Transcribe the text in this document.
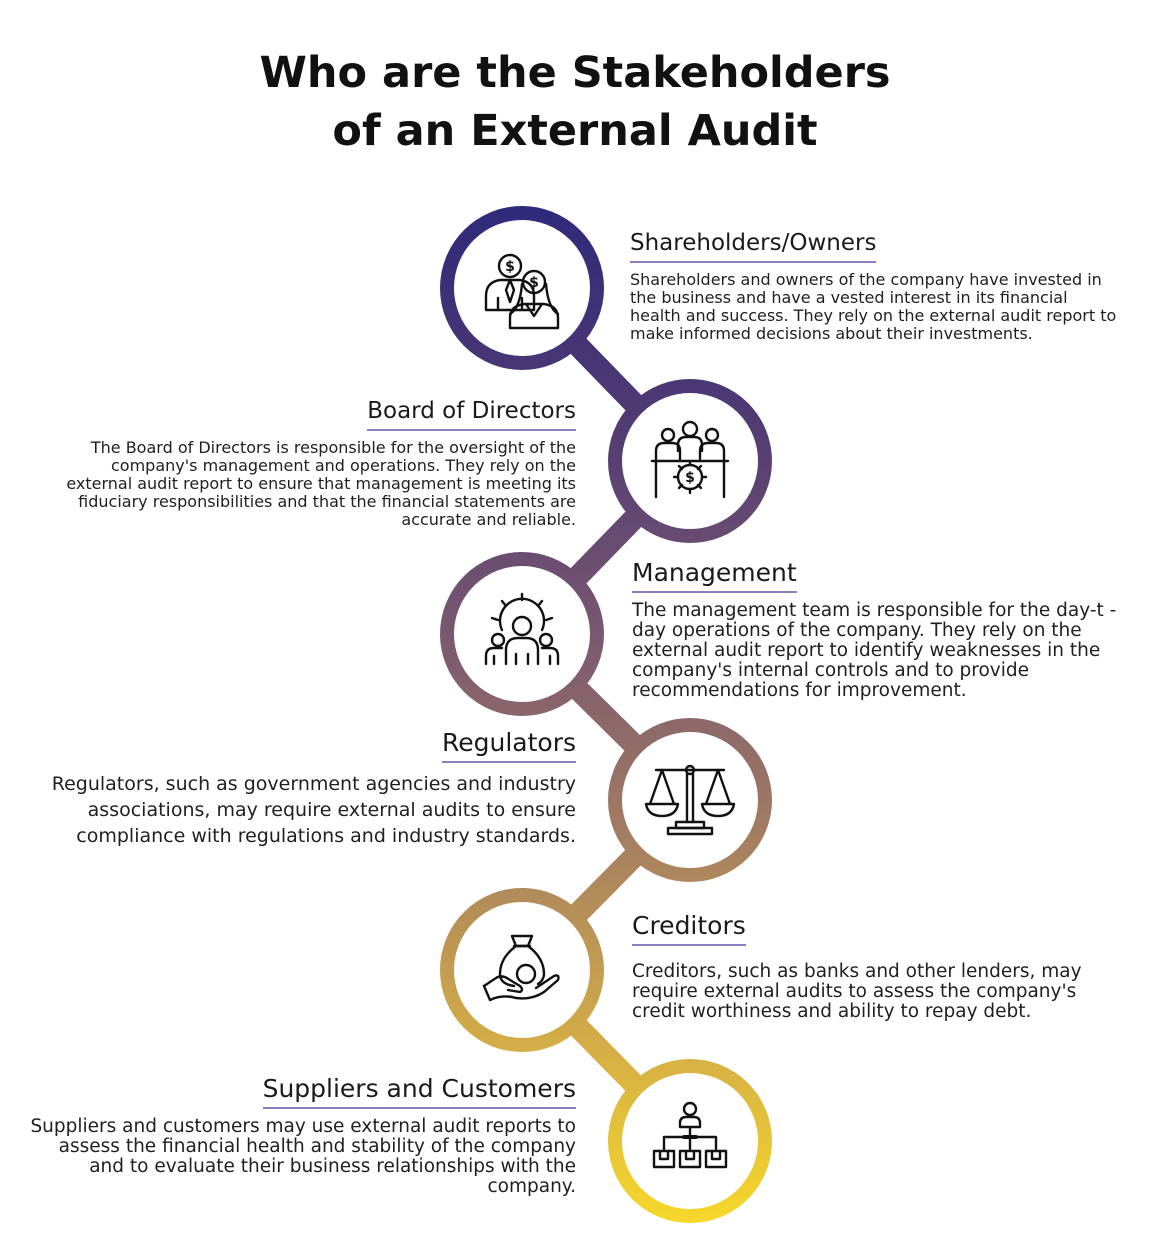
Who are the Stakeholders
of an External Audit
$
$
$
Shareholders/Owners

Shareholders and owners of the company have invested in the business and have a vested interest in its financial health and success. They rely on the external audit report to make informed decisions about their investments.

Board of Directors

The Board of Directors is responsible for the oversight of the company's management and operations. They rely on the external audit report to ensure that management is meeting its fiduciary responsibilities and that the financial statements are accurate and reliable.

Management

The management team is responsible for the day-t -day operations of the company. They rely on the external audit report to identify weaknesses in the company's internal controls and to provide recommendations for improvement.

Regulators

Regulators, such as government agencies and industry associations, may require external audits to ensure compliance with regulations and industry standards.

Creditors

Creditors, such as banks and other lenders, may require external audits to assess the company's credit worthiness and ability to repay debt.

Suppliers and Customers

Suppliers and customers may use external audit reports to assess the financial health and stability of the company and to evaluate their business relationships with the company.
